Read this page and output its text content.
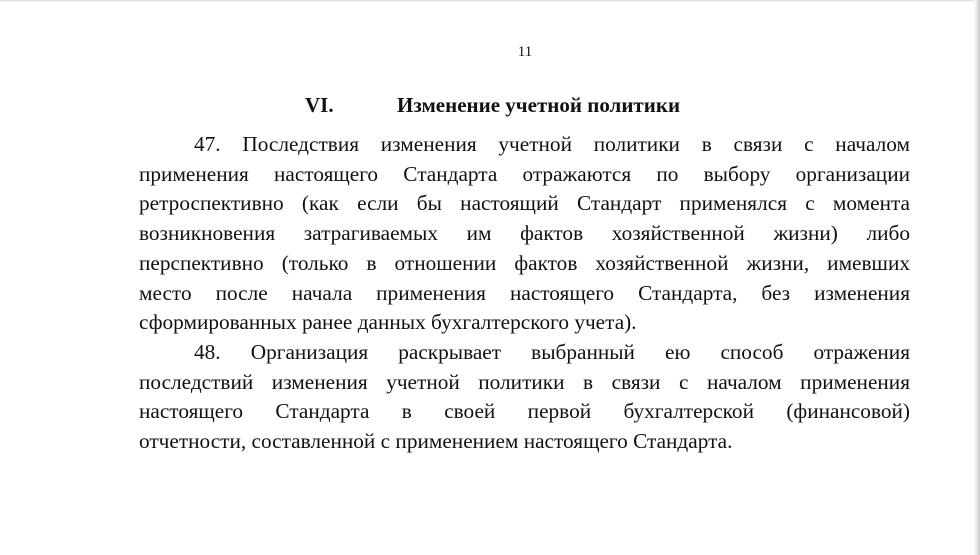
11
VI.	Изменение учетной политики
47. Последствия изменения учетной политики в связи с началом
применения настоящего Стандарта отражаются по выбору организации
ретроспективно (как если бы настоящий Стандарт применялся с момента
возникновения затрагиваемых им фактов хозяйственной жизни) либо
перспективно (только в отношении фактов хозяйственной жизни, имевших
место после начала применения настоящего Стандарта, без изменения
сформированных ранее данных бухгалтерского учета).
48. Организация раскрывает выбранный ею способ отражения
последствий изменения учетной политики в связи с началом применения
настоящего Стандарта в своей первой бухгалтерской (финансовой)
отчетности, составленной с применением настоящего Стандарта.
